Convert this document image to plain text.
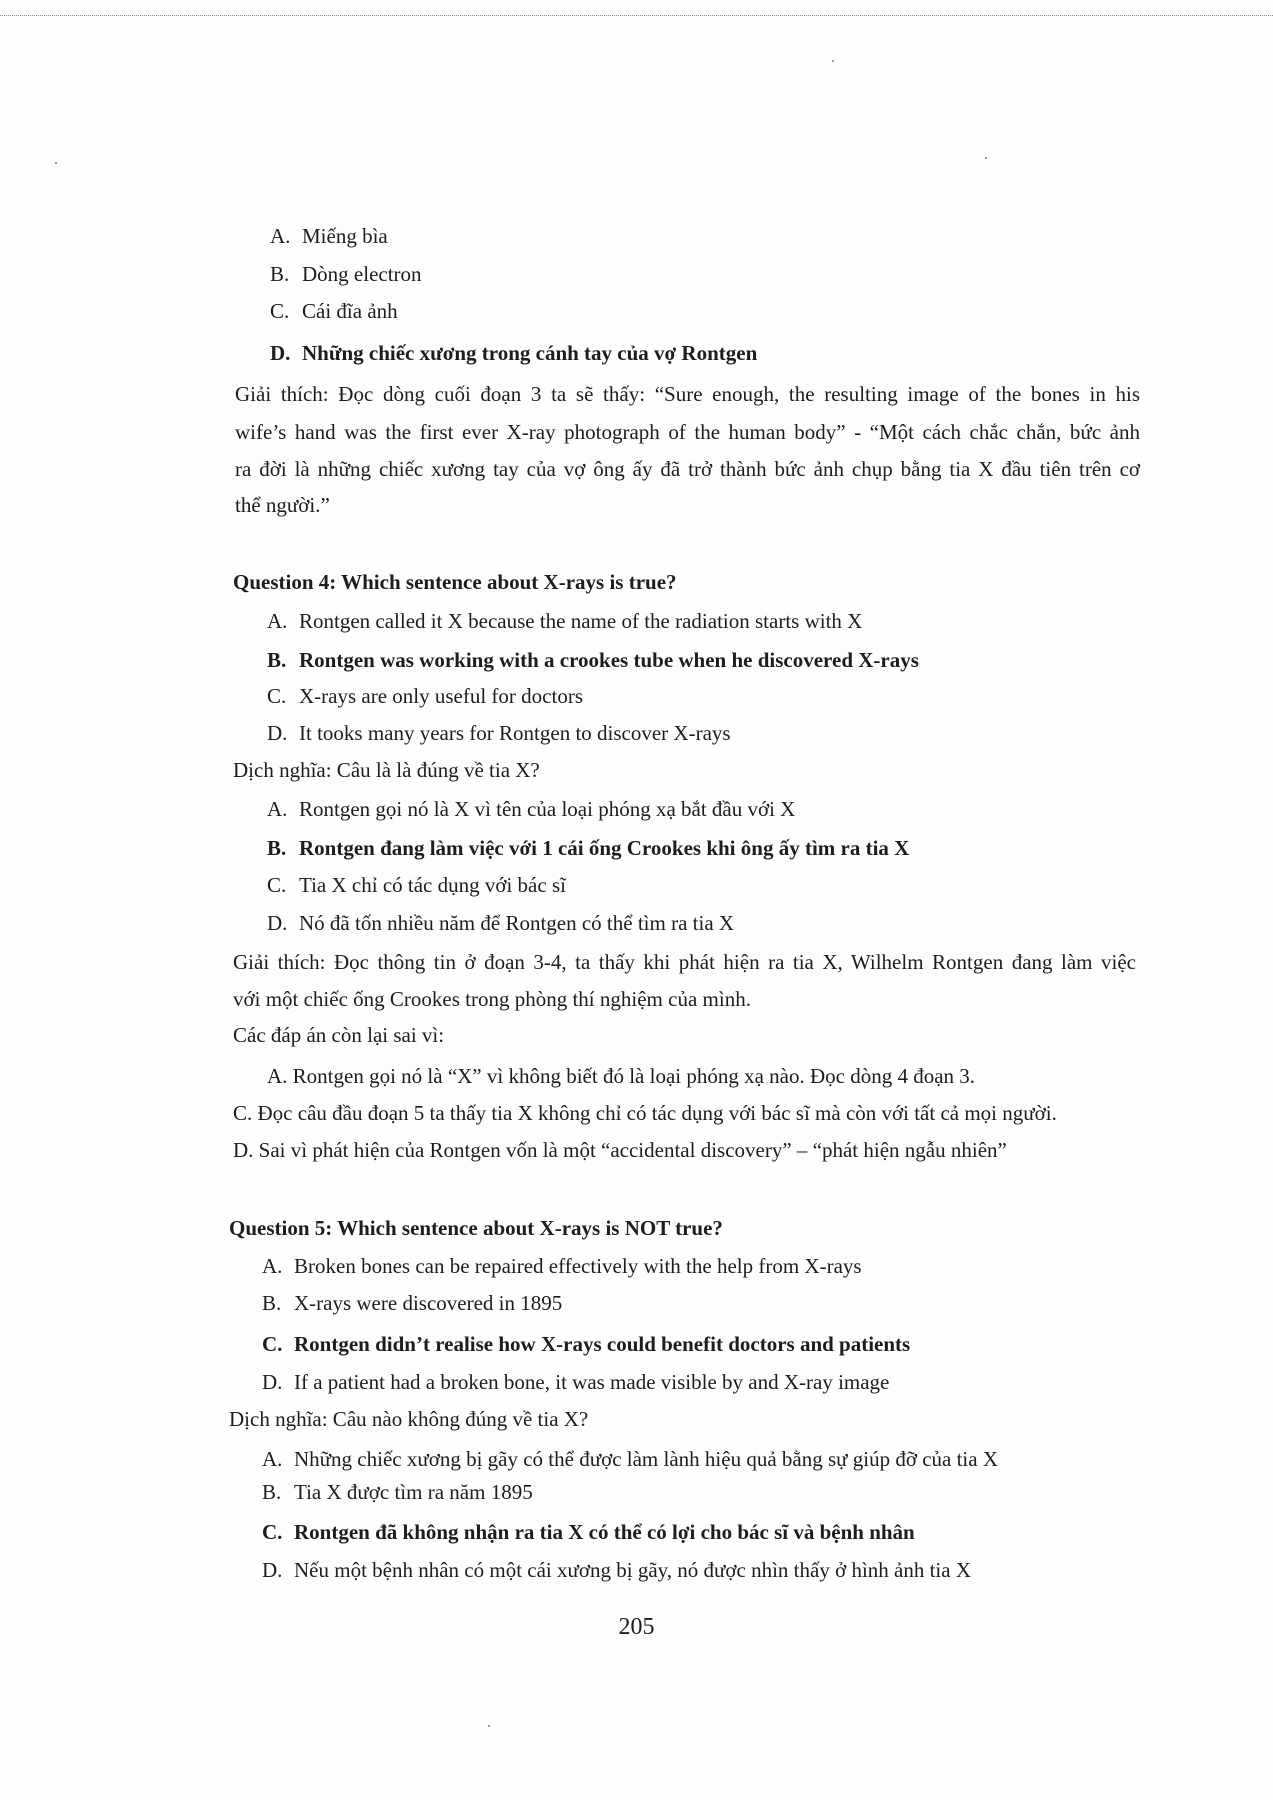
A. Miếng bìa
B. Dòng electron
C. Cái đĩa ảnh
D. Những chiếc xương trong cánh tay của vợ Rontgen
Giải thích: Đọc dòng cuối đoạn 3 ta sẽ thấy: “Sure enough, the resulting image of the bones in his
wife’s hand was the first ever X-ray photograph of the human body” - “Một cách chắc chắn, bức ảnh
ra đời là những chiếc xương tay của vợ ông ấy đã trở thành bức ảnh chụp bằng tia X đầu tiên trên cơ
thể người.”
Question 4: Which sentence about X-rays is true?
A. Rontgen called it X because the name of the radiation starts with X
B. Rontgen was working with a crookes tube when he discovered X-rays
C. X-rays are only useful for doctors
D. It tooks many years for Rontgen to discover X-rays
Dịch nghĩa: Câu là là đúng về tia X?
A. Rontgen gọi nó là X vì tên của loại phóng xạ bắt đầu với X
B. Rontgen đang làm việc với 1 cái ống Crookes khi ông ấy tìm ra tia X
C. Tia X chỉ có tác dụng với bác sĩ
D. Nó đã tốn nhiều năm để Rontgen có thể tìm ra tia X
Giải thích: Đọc thông tin ở đoạn 3-4, ta thấy khi phát hiện ra tia X, Wilhelm Rontgen đang làm việc
với một chiếc ống Crookes trong phòng thí nghiệm của mình.
Các đáp án còn lại sai vì:
A. Rontgen gọi nó là “X” vì không biết đó là loại phóng xạ nào. Đọc dòng 4 đoạn 3.
C. Đọc câu đầu đoạn 5 ta thấy tia X không chỉ có tác dụng với bác sĩ mà còn với tất cả mọi người.
D. Sai vì phát hiện của Rontgen vốn là một “accidental discovery” – “phát hiện ngẫu nhiên”
Question 5: Which sentence about X-rays is NOT true?
A. Broken bones can be repaired effectively with the help from X-rays
B. X-rays were discovered in 1895
C. Rontgen didn’t realise how X-rays could benefit doctors and patients
D. If a patient had a broken bone, it was made visible by and X-ray image
Dịch nghĩa: Câu nào không đúng về tia X?
A. Những chiếc xương bị gãy có thể được làm lành hiệu quả bằng sự giúp đỡ của tia X
B. Tia X được tìm ra năm 1895
C. Rontgen đã không nhận ra tia X có thể có lợi cho bác sĩ và bệnh nhân
D. Nếu một bệnh nhân có một cái xương bị gãy, nó được nhìn thấy ở hình ảnh tia X
205
